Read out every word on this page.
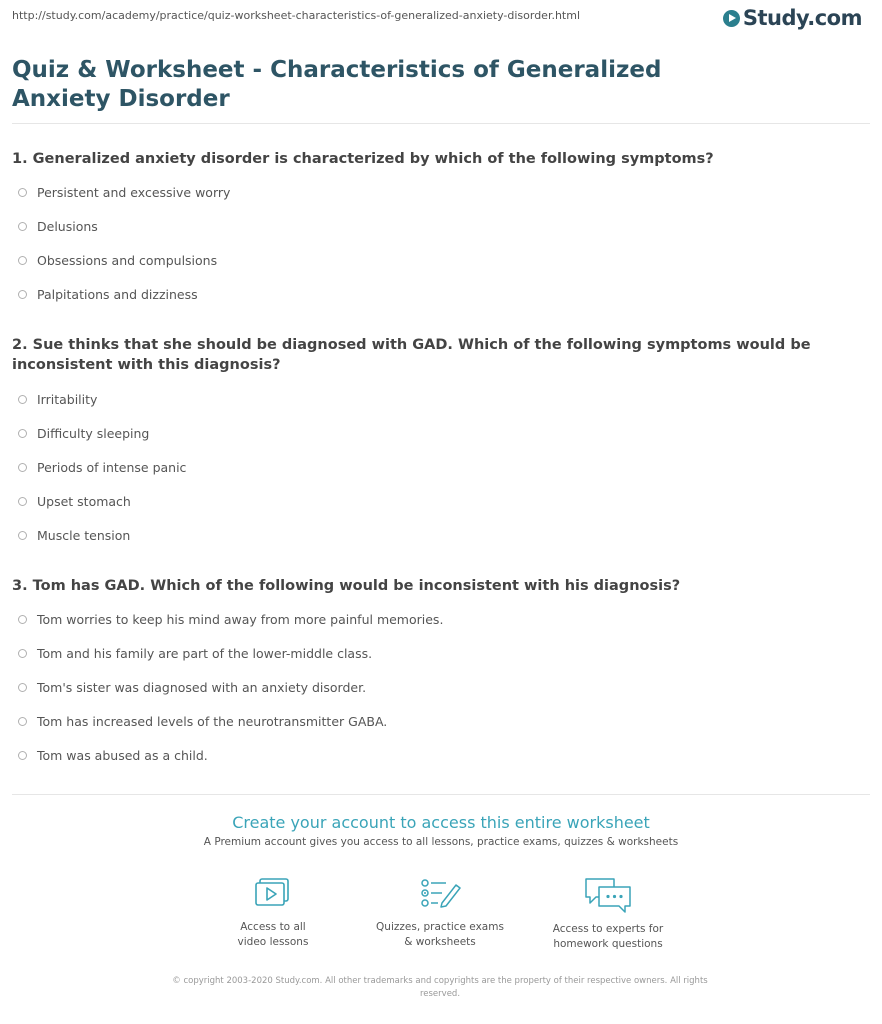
http://study.com/academy/practice/quiz-worksheet-characteristics-of-generalized-anxiety-disorder.html	Study.com
Quiz & Worksheet - Characteristics of Generalized Anxiety Disorder

1. Generalized anxiety disorder is characterized by which of the following symptoms?

Persistent and excessive worry
Delusions
Obsessions and compulsions
Palpitations and dizziness

2. Sue thinks that she should be diagnosed with GAD. Which of the following symptoms would be inconsistent with this diagnosis?

Irritability
Difficulty sleeping
Periods of intense panic
Upset stomach
Muscle tension

3. Tom has GAD. Which of the following would be inconsistent with his diagnosis?

Tom worries to keep his mind away from more painful memories.
Tom and his family are part of the lower-middle class.
Tom's sister was diagnosed with an anxiety disorder.
Tom has increased levels of the neurotransmitter GABA.
Tom was abused as a child.
Create your account to access this entire worksheet
A Premium account gives you access to all lessons, practice exams, quizzes & worksheets
Access to all
video lessons
Quizzes, practice exams
& worksheets
Access to experts for
homework questions
© copyright 2003-2020 Study.com. All other trademarks and copyrights are the property of their respective owners. All rights reserved.
